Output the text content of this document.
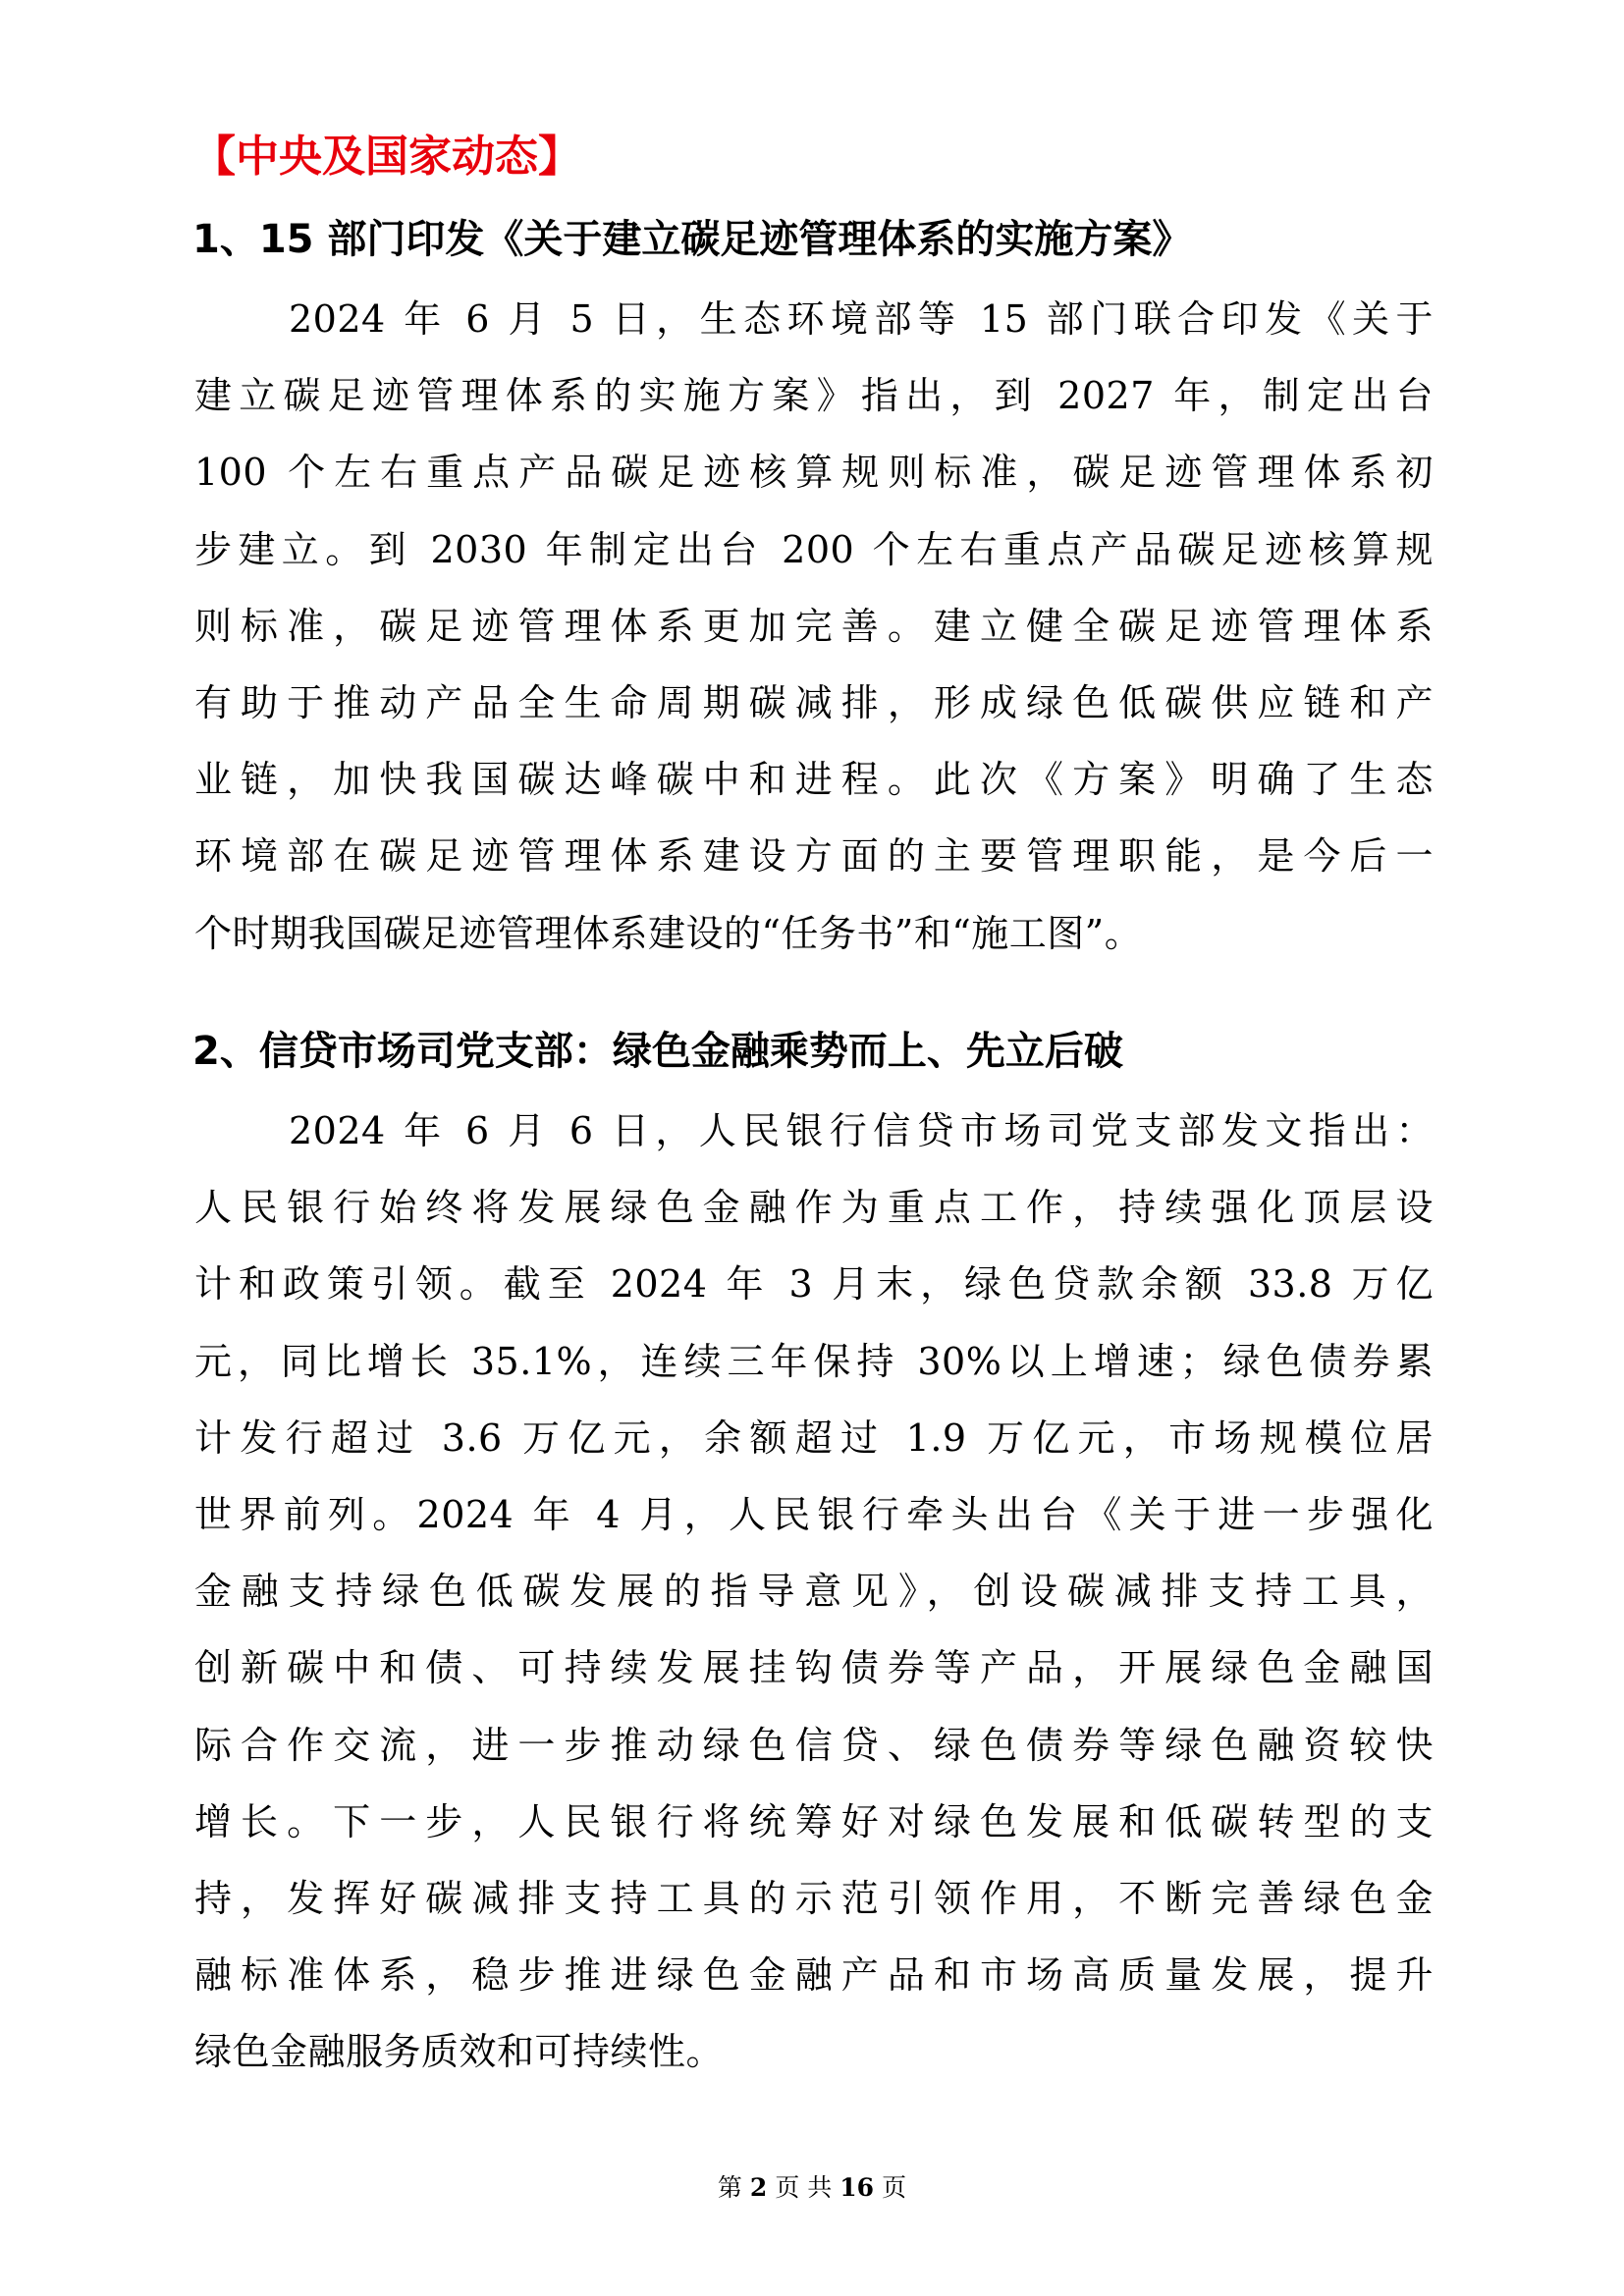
【中央及国家动态】
1、15 部门印发《关于建立碳足迹管理体系的实施方案》
2024 年 6 月 5 日，生态环境部等 15 部门联合印发《关于
建立碳足迹管理体系的实施方案》指出，到 2027 年，制定出台
100 个左右重点产品碳足迹核算规则标准，碳足迹管理体系初
步建立。到 2030 年制定出台 200 个左右重点产品碳足迹核算规
则标准，碳足迹管理体系更加完善。建立健全碳足迹管理体系
有助于推动产品全生命周期碳减排，形成绿色低碳供应链和产
业链，加快我国碳达峰碳中和进程。此次《方案》明确了生态
环境部在碳足迹管理体系建设方面的主要管理职能，是今后一
个时期我国碳足迹管理体系建设的“任务书”和“施工图”。
2、信贷市场司党支部：绿色金融乘势而上、先立后破
2024 年 6 月 6 日，人民银行信贷市场司党支部发文指出：
人民银行始终将发展绿色金融作为重点工作，持续强化顶层设
计和政策引领。截至 2024 年 3 月末，绿色贷款余额 33.8 万亿
元，同比增长 35.1%，连续三年保持 30%以上增速；绿色债券累
计发行超过 3.6 万亿元，余额超过 1.9 万亿元，市场规模位居
世界前列。2024 年 4 月，人民银行牵头出台《关于进一步强化
金融支持绿色低碳发展的指导意见》，创设碳减排支持工具，
创新碳中和债、可持续发展挂钩债券等产品，开展绿色金融国
际合作交流，进一步推动绿色信贷、绿色债券等绿色融资较快
增长。下一步，人民银行将统筹好对绿色发展和低碳转型的支
持，发挥好碳减排支持工具的示范引领作用，不断完善绿色金
融标准体系，稳步推进绿色金融产品和市场高质量发展，提升
绿色金融服务质效和可持续性。
第 2 页 共 16 页
